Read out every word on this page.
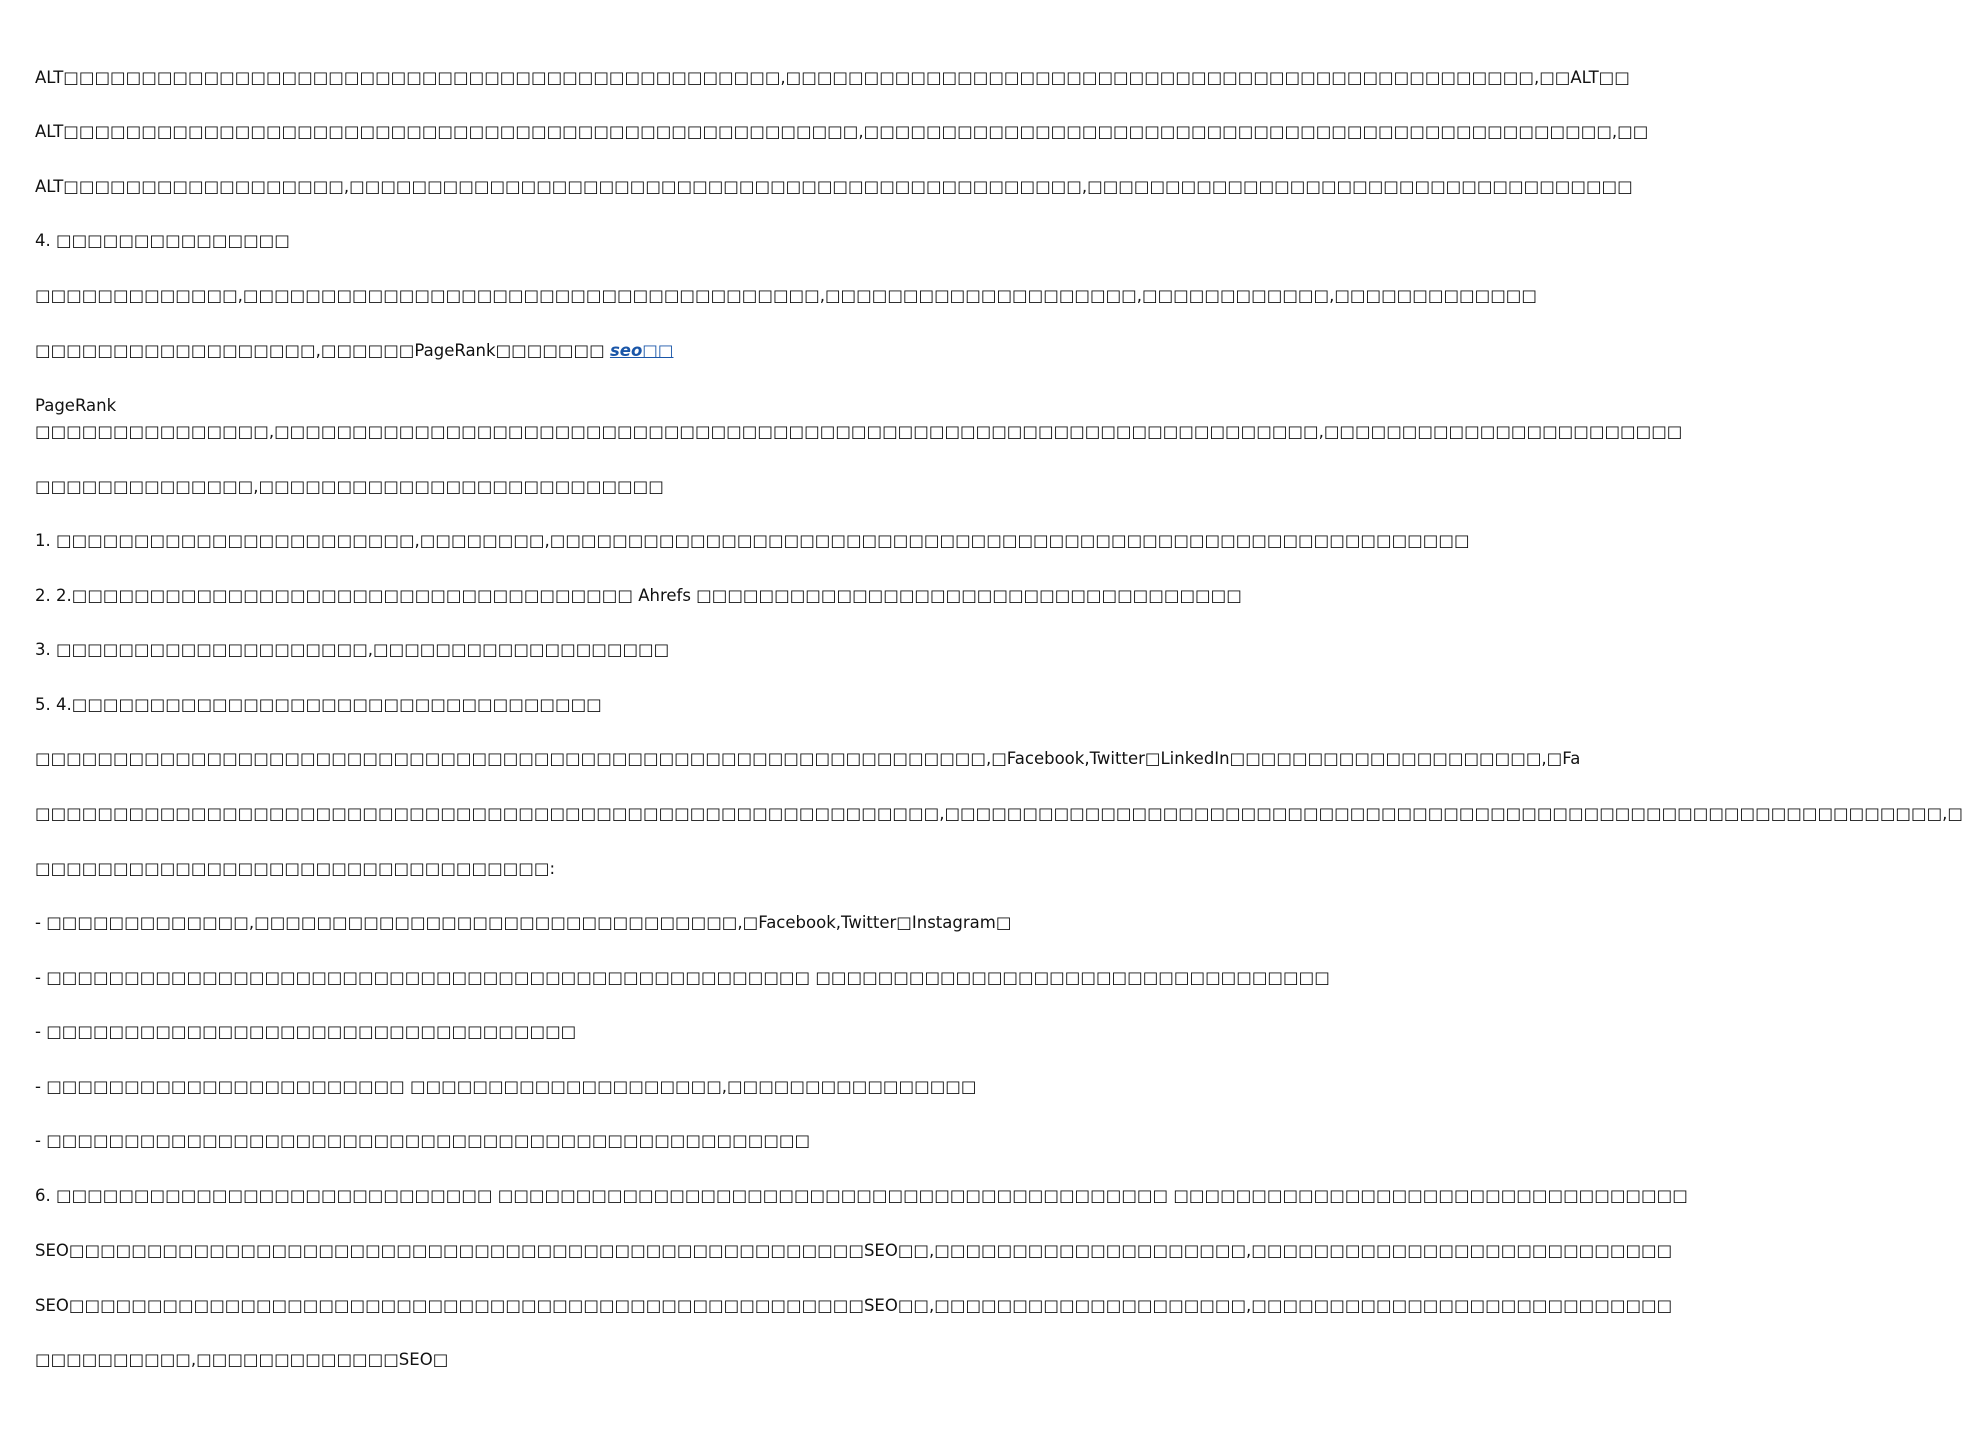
ALT□□□□□□□□□□□□□□□□□□□□□□□□□□□□□□□□□□□□□□□□□□□□□□,□□□□□□□□□□□□□□□□□□□□□□□□□□□□□□□□□□□□□□□□□□□□□□□□,□□ALT□□
ALT□□□□□□□□□□□□□□□□□□□□□□□□□□□□□□□□□□□□□□□□□□□□□□□□□□□,□□□□□□□□□□□□□□□□□□□□□□□□□□□□□□□□□□□□□□□□□□□□□□□□,□□
ALT□□□□□□□□□□□□□□□□□□,□□□□□□□□□□□□□□□□□□□□□□□□□□□□□□□□□□□□□□□□□□□□□□□,□□□□□□□□□□□□□□□□□□□□□□□□□□□□□□□□□□□
4. □□□□□□□□□□□□□□□
□□□□□□□□□□□□□,□□□□□□□□□□□□□□□□□□□□□□□□□□□□□□□□□□□□□,□□□□□□□□□□□□□□□□□□□□,□□□□□□□□□□□□,□□□□□□□□□□□□□
□□□□□□□□□□□□□□□□□□,□□□□□□PageRank□□□□□□□ seo□□
PageRank
□□□□□□□□□□□□□□□,□□□□□□□□□□□□□□□□□□□□□□□□□□□□□□□□□□□□□□□□□□□□□□□□□□□□□□□□□□□□□□□□□□□,□□□□□□□□□□□□□□□□□□□□□□□
□□□□□□□□□□□□□□,□□□□□□□□□□□□□□□□□□□□□□□□□□
1. □□□□□□□□□□□□□□□□□□□□□□□,□□□□□□□□,□□□□□□□□□□□□□□□□□□□□□□□□□□□□□□□□□□□□□□□□□□□□□□□□□□□□□□□□□□□
2. 2.□□□□□□□□□□□□□□□□□□□□□□□□□□□□□□□□□□□□ Ahrefs □□□□□□□□□□□□□□□□□□□□□□□□□□□□□□□□□□□
3. □□□□□□□□□□□□□□□□□□□□,□□□□□□□□□□□□□□□□□□□
5. 4.□□□□□□□□□□□□□□□□□□□□□□□□□□□□□□□□□□
□□□□□□□□□□□□□□□□□□□□□□□□□□□□□□□□□□□□□□□□□□□□□□□□□□□□□□□□□□□□□,□Facebook,Twitter□LinkedIn□□□□□□□□□□□□□□□□□□□□,□Fa
□□□□□□□□□□□□□□□□□□□□□□□□□□□□□□□□□□□□□□□□□□□□□□□□□□□□□□□□□□,□□□□□□□□□□□□□□□□□□□□□□□□□□□□□□□□□□□□□□□□□□□□□□□□□□□□□□□□□□□□□□□□,□
□□□□□□□□□□□□□□□□□□□□□□□□□□□□□□□□□:
- □□□□□□□□□□□□□,□□□□□□□□□□□□□□□□□□□□□□□□□□□□□□□,□Facebook,Twitter□Instagram□
- □□□□□□□□□□□□□□□□□□□□□□□□□□□□□□□□□□□□□□□□□□□□□□□□□ □□□□□□□□□□□□□□□□□□□□□□□□□□□□□□□□□
- □□□□□□□□□□□□□□□□□□□□□□□□□□□□□□□□□□
- □□□□□□□□□□□□□□□□□□□□□□□ □□□□□□□□□□□□□□□□□□□□,□□□□□□□□□□□□□□□□
- □□□□□□□□□□□□□□□□□□□□□□□□□□□□□□□□□□□□□□□□□□□□□□□□□
6. □□□□□□□□□□□□□□□□□□□□□□□□□□□□ □□□□□□□□□□□□□□□□□□□□□□□□□□□□□□□□□□□□□□□□□□□ □□□□□□□□□□□□□□□□□□□□□□□□□□□□□□□□□
SEO□□□□□□□□□□□□□□□□□□□□□□□□□□□□□□□□□□□□□□□□□□□□□□□□□□□SEO□□,□□□□□□□□□□□□□□□□□□□□,□□□□□□□□□□□□□□□□□□□□□□□□□□□
SEO□□□□□□□□□□□□□□□□□□□□□□□□□□□□□□□□□□□□□□□□□□□□□□□□□□□SEO□□,□□□□□□□□□□□□□□□□□□□□,□□□□□□□□□□□□□□□□□□□□□□□□□□□
□□□□□□□□□□,□□□□□□□□□□□□□SEO□
